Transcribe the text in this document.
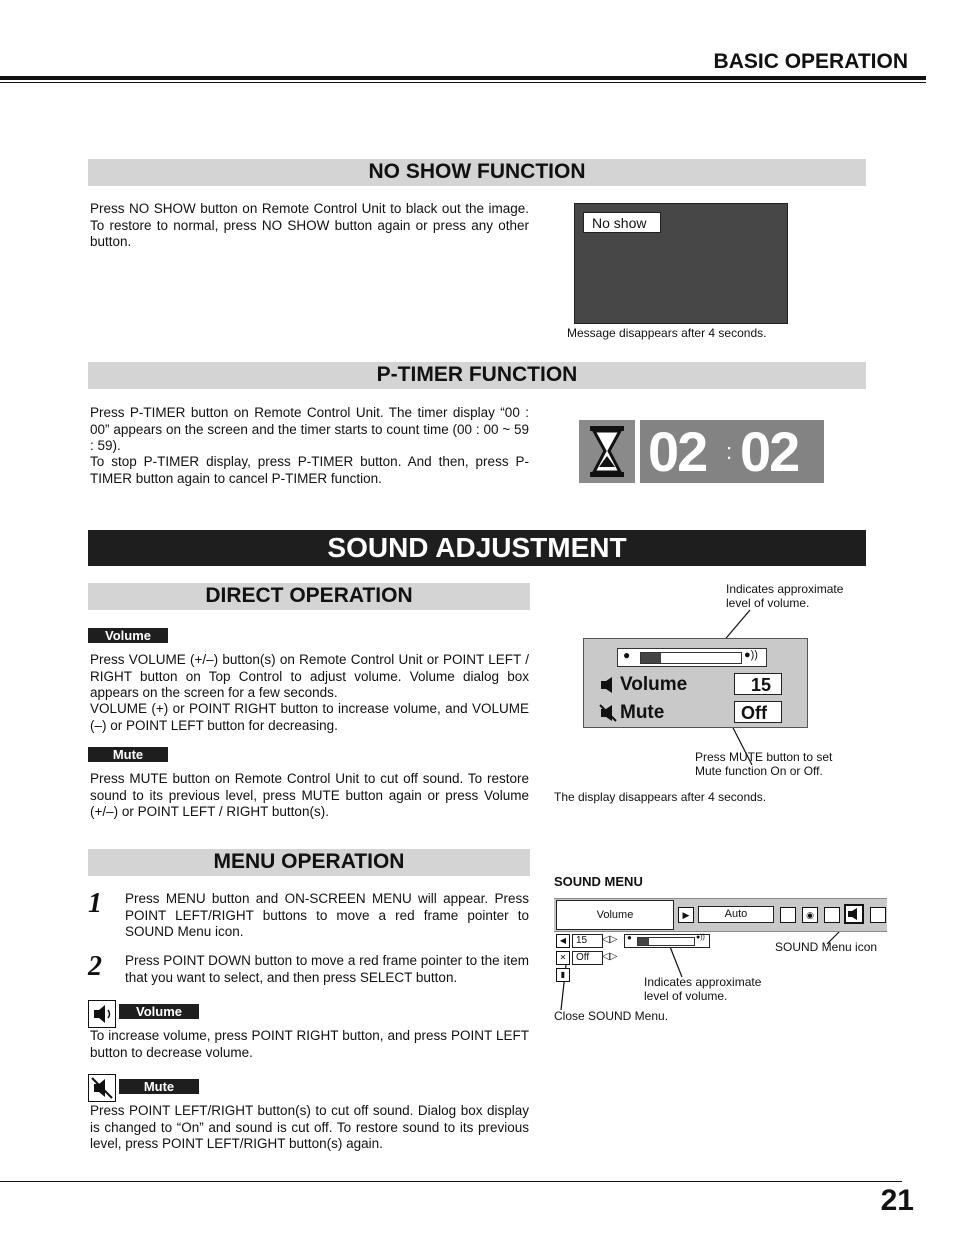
BASIC OPERATION
NO SHOW FUNCTION
Press NO SHOW button on Remote Control Unit to black out the image. To restore to normal, press NO SHOW button again or press any other button.
No show
Message disappears after 4 seconds.
P-TIMER FUNCTION
Press P-TIMER button on Remote Control Unit. The timer display “00 : 00” appears on the screen and the timer starts to count time (00 : 00 ~ 59 : 59).
To stop P-TIMER display, press P-TIMER button. And then, press P-TIMER button again to cancel P-TIMER function.	02 : 02
SOUND ADJUSTMENT
DIRECT OPERATION
Volume
Press VOLUME (+/–) button(s) on Remote Control Unit or POINT LEFT / RIGHT button on Top Control to adjust volume. Volume dialog box appears on the screen for a few seconds.
VOLUME (+) or POINT RIGHT button to increase volume, and VOLUME (–) or POINT LEFT button for decreasing.
Mute
Press MUTE button on Remote Control Unit to cut off sound. To restore sound to its previous level, press MUTE button again or press Volume (+/–) or POINT LEFT / RIGHT button(s).
Indicates approximate level of volume.
●	●))
Volume	15
Mute	Off
Press MUTE button to set Mute function On or Off.
The display disappears after 4 seconds.
MENU OPERATION
1 Press MENU button and ON-SCREEN MENU will appear. Press POINT LEFT/RIGHT buttons to move a red frame pointer to SOUND Menu icon.
2 Press POINT DOWN button to move a red frame pointer to the item that you want to select, and then press SELECT button.
Volume
To increase volume, press POINT RIGHT button, and press POINT LEFT button to decrease volume.
Mute
Press POINT LEFT/RIGHT button(s) to cut off sound. Dialog box display is changed to “On” and sound is cut off. To restore sound to its previous level, press POINT LEFT/RIGHT button(s) again.
SOUND MENU
Volume	▶	Auto	◉
◀ 15	◁▷
✕ Off	◁▷
▮
●	●))
SOUND Menu icon
Indicates approximate level of volume.
Close SOUND Menu.
21
